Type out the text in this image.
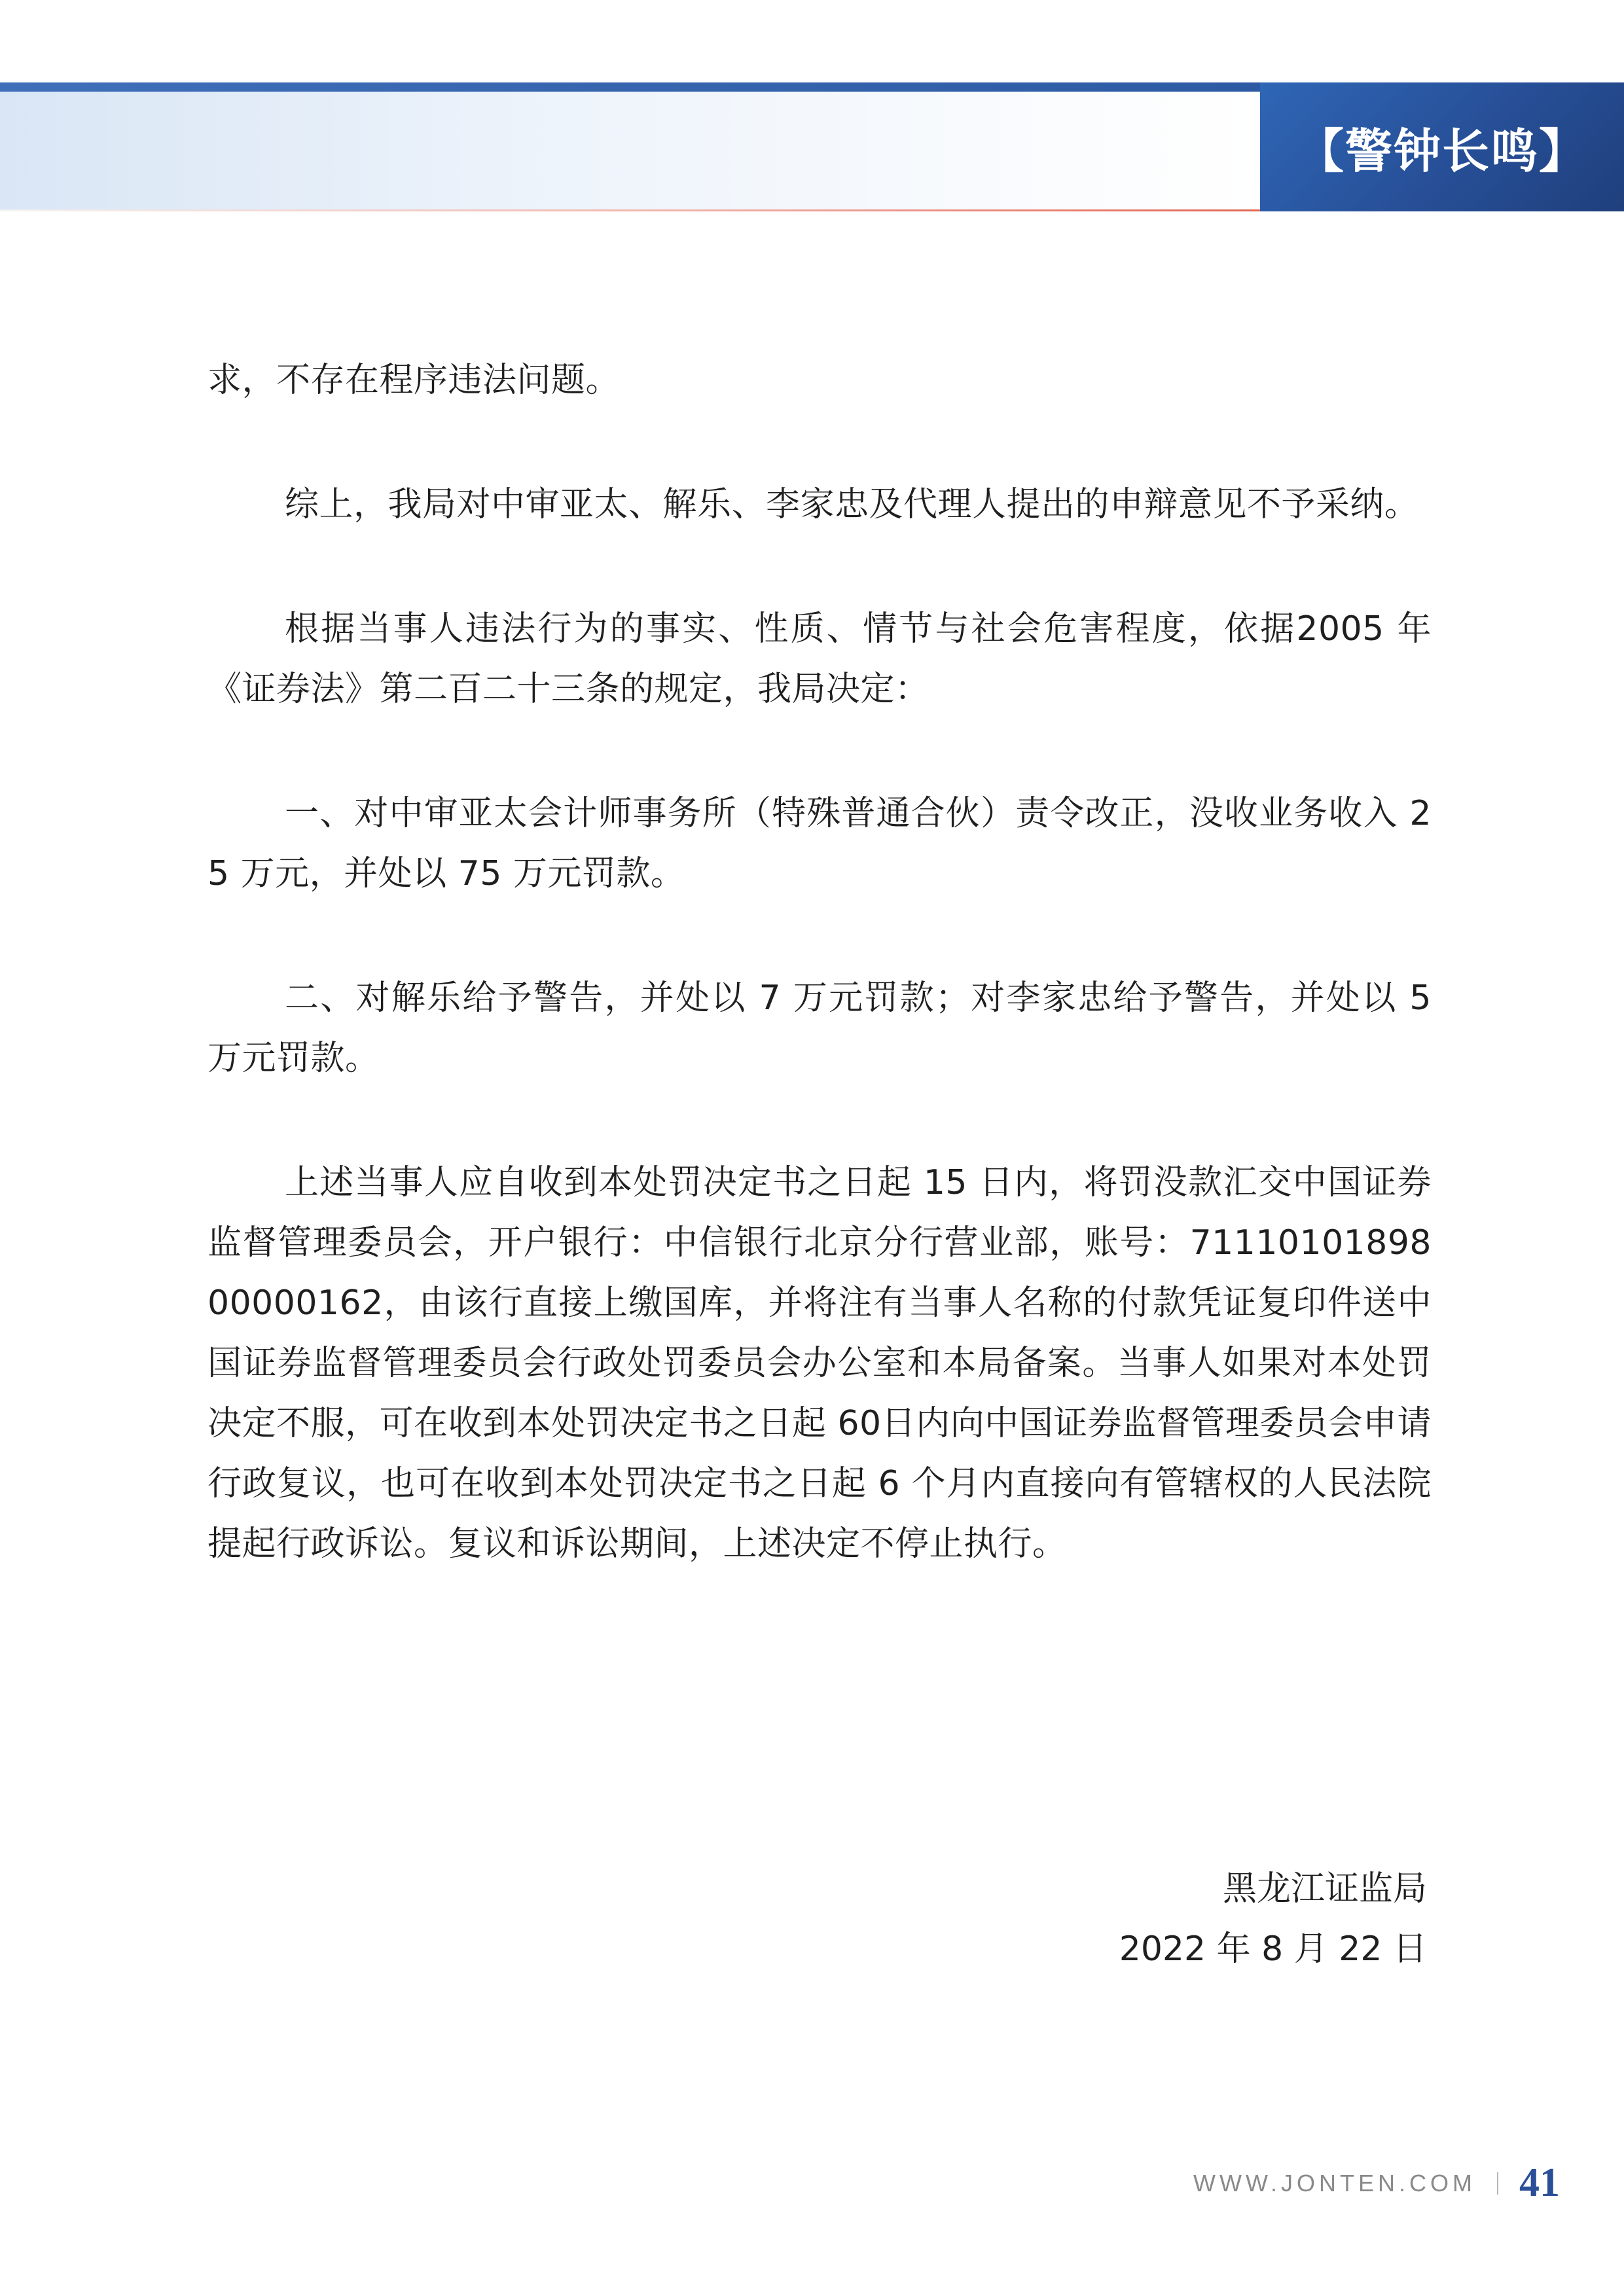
【警钟长鸣】

求，不存在程序违法问题。

综上，我局对中审亚太、解乐、李家忠及代理人提出的申辩意见不予采纳。

根据当事人违法行为的事实、性质、情节与社会危害程度，依据2005 年《证券法》第二百二十三条的规定，我局决定：

一、对中审亚太会计师事务所（特殊普通合伙）责令改正，没收业务收入 25 万元，并处以 75 万元罚款。

二、对解乐给予警告，并处以 7 万元罚款；对李家忠给予警告，并处以 5 万元罚款。

上述当事人应自收到本处罚决定书之日起 15 日内，将罚没款汇交中国证券监督管理委员会，开户银行：中信银行北京分行营业部，账号：7111010189800000162，由该行直接上缴国库，并将注有当事人名称的付款凭证复印件送中国证券监督管理委员会行政处罚委员会办公室和本局备案。当事人如果对本处罚决定不服，可在收到本处罚决定书之日起 60日内向中国证券监督管理委员会申请行政复议，也可在收到本处罚决定书之日起 6 个月内直接向有管辖权的人民法院提起行政诉讼。复议和诉讼期间，上述决定不停止执行。

黑龙江证监局
2022 年 8 月 22 日
WWW.JONTEN.COM 41
